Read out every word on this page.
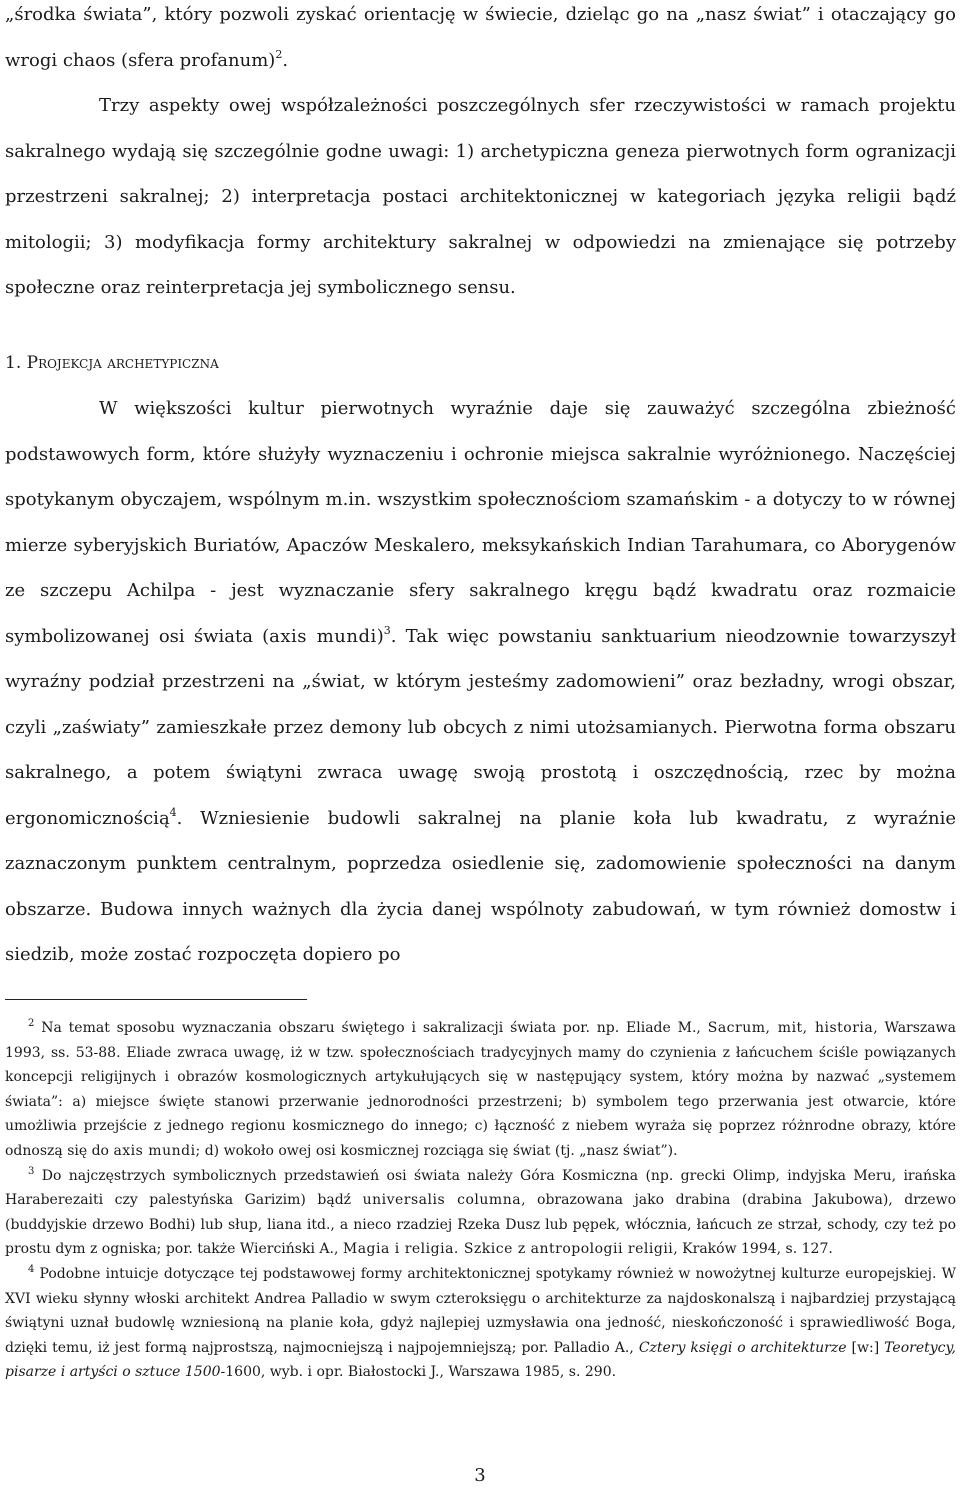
„środka świata”, który pozwoli zyskać orientację w świecie, dzieląc go na „nasz świat” i otaczający go wrogi chaos (sfera profanum)$^2$.

Trzy aspekty owej współzależności poszczególnych sfer rzeczywistości w ramach projektu sakralnego wydają się szczególnie godne uwagi: 1) archetypiczna geneza pierwotnych form ogranizacji przestrzeni sakralnej; 2) interpretacja postaci architektonicznej w kategoriach języka religii bądź mitologii; 3) modyfikacja formy architektury sakralnej w odpowiedzi na zmienające się potrzeby społeczne oraz reinterpretacja jej symbolicznego sensu.

1. Projekcja archetypiczna

W większości kultur pierwotnych wyraźnie daje się zauważyć szczególna zbieżność podstawowych form, które służyły wyznaczeniu i ochronie miejsca sakralnie wyróżnionego. Naczęściej spotykanym obyczajem, wspólnym m.in. wszystkim społecznościom szamańskim - a dotyczy to w równej mierze syberyjskich Buriatów, Apaczów Meskalero, meksykańskich Indian Tarahumara, co Aborygenów ze szczepu Achilpa - jest wyznaczanie sfery sakralnego kręgu bądź kwadratu oraz rozmaicie symbolizowanej osi świata (axis mundi)$^3$. Tak więc powstaniu sanktuarium nieodzownie towarzyszył wyraźny podział przestrzeni na „świat, w którym jesteśmy zadomowieni” oraz bezładny, wrogi obszar, czyli „zaświaty” zamieszkałe przez demony lub obcych z nimi utożsamianych. Pierwotna forma obszaru sakralnego, a potem świątyni zwraca uwagę swoją prostotą i oszczędnością, rzec by można ergonomicznością$^4$. Wzniesienie budowli sakralnej na planie koła lub kwadratu, z wyraźnie zaznaczonym punktem centralnym, poprzedza osiedlenie się, zadomowienie społeczności na danym obszarze. Budowa innych ważnych dla życia danej wspólnoty zabudowań, w tym również domostw i siedzib, może zostać rozpoczęta dopiero po

$^2$ Na temat sposobu wyznaczania obszaru świętego i sakralizacji świata por. np. Eliade M., Sacrum, mit, historia, Warszawa 1993, ss. 53-88. Eliade zwraca uwagę, iż w tzw. społecznościach tradycyjnych mamy do czynienia z łańcuchem ściśle powiązanych koncepcji religijnych i obrazów kosmologicznych artykułujących się w następujący system, który można by nazwać „systemem świata”: a) miejsce święte stanowi przerwanie jednorodności przestrzeni; b) symbolem tego przerwania jest otwarcie, które umożliwia przejście z jednego regionu kosmicznego do innego; c) łączność z niebem wyraża się poprzez różnrodne obrazy, które odnoszą się do axis mundi; d) wokoło owej osi kosmicznej rozciąga się świat (tj. „nasz świat”).

$^3$ Do najczęstrzych symbolicznych przedstawień osi świata należy Góra Kosmiczna (np. grecki Olimp, indyjska Meru, irańska Haraberezaiti czy palestyńska Garizim) bądź universalis columna, obrazowana jako drabina (drabina Jakubowa), drzewo (buddyjskie drzewo Bodhi) lub słup, liana itd., a nieco rzadziej Rzeka Dusz lub pępek, włócznia, łańcuch ze strzał, schody, czy też po prostu dym z ogniska; por. także Wierciński A., Magia i religia. Szkice z antropologii religii, Kraków 1994, s. 127.

$^4$ Podobne intuicje dotyczące tej podstawowej formy architektonicznej spotykamy również w nowożytnej kulturze europejskiej. W XVI wieku słynny włoski architekt Andrea Palladio w swym czteroksięgu o architekturze za najdoskonalszą i najbardziej przystającą świątyni uznał budowlę wzniesioną na planie koła, gdyż najlepiej uzmysławia ona jedność, nieskończoność i sprawiedliwość Boga, dzięki temu, iż jest formą najprostszą, najmocniejszą i najpojemniejszą; por. Palladio A., Cztery księgi o architekturze [w:] Teoretycy, pisarze i artyści o sztuce 1500-1600, wyb. i opr. Białostocki J., Warszawa 1985, s. 290.

3
